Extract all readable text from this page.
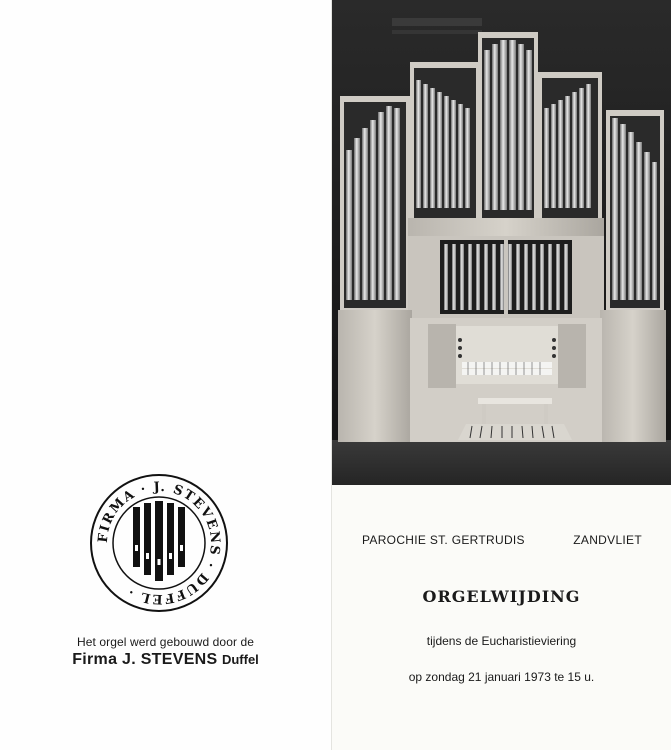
FIRMA · J. STEVENS · DUFFEL ·
Het orgel werd gebouwd door de
Firma J. STEVENS Duffel
PAROCHIE ST. GERTRUDIS	ZANDVLIET
ORGELWIJDING
tijdens de Eucharistieviering
op zondag 21 januari 1973 te 15 u.
